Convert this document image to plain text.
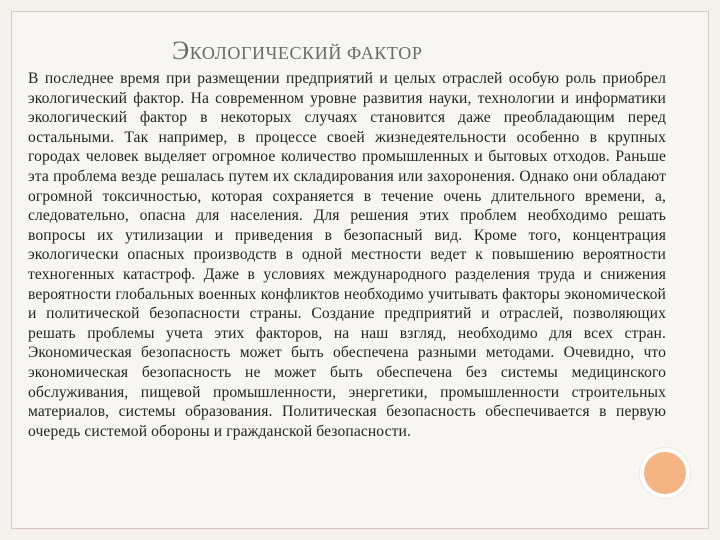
ЭКОЛОГИЧЕСКИЙ ФАКТОР

В последнее время при размещении предприятий и целых отраслей особую роль приобрел экологический фактор. На современном уровне развития науки, технологии и информатики экологический фактор в некоторых случаях становится даже преобладающим перед остальными. Так например, в процессе своей жизнедеятельности особенно в крупных городах человек выделяет огромное количество промышленных и бытовых отходов. Раньше эта проблема везде решалась путем их складирования или захоронения. Однако они обладают огромной токсичностью, которая сохраняется в течение очень длительного времени, а, следовательно, опасна для населения. Для решения этих проблем необходимо решать вопросы их утилизации и приведения в безопасный вид. Кроме того, концентрация экологически опасных производств в одной местности ведет к повышению вероятности техногенных катастроф. Даже в условиях международного разделения труда и снижения вероятности глобальных военных конфликтов необходимо учитывать факторы экономической и политической безопасности страны. Создание предприятий и отраслей, позволяющих решать проблемы учета этих факторов, на наш взгляд, необходимо для всех стран. Экономическая безопасность может быть обеспечена разными методами. Очевидно, что экономическая безопасность не может быть обеспечена без системы медицинского обслуживания, пищевой промышленности, энергетики, промышленности строительных материалов, системы образования. Политическая безопасность обеспечивается в первую очередь системой обороны и гражданской безопасности.
